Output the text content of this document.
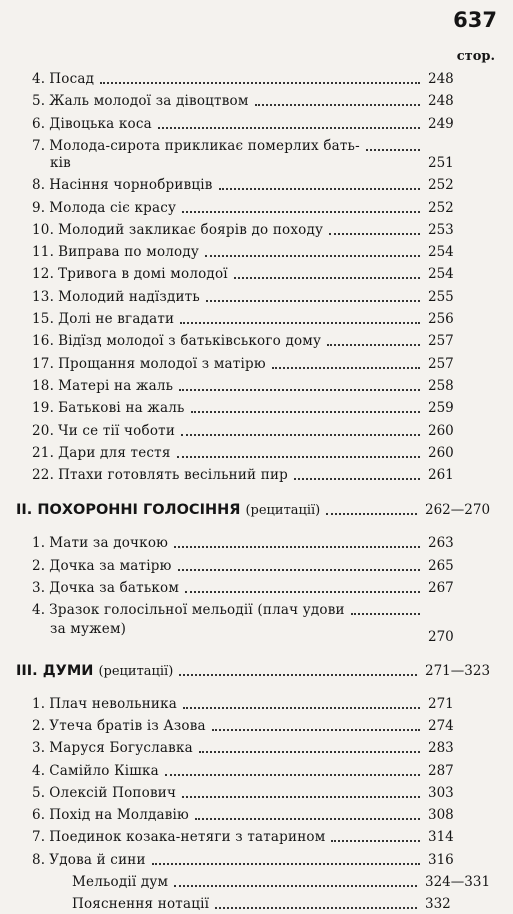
637
стор.
4. Посад	248
5. Жаль молодої за дівоцтвом	248
6. Дівоцька коса	249
7. Молода-сирота прикликає померлих бать-
ків	251
8. Насіння чорнобривців	252
9. Молода сіє красу	252
10. Молодий закликає боярів до походу	253
11. Виправа по молоду	254
12. Тривога в домі молодої	254
13. Молодий надїздить	255
15. Долі не вгадати	256
16. Відїзд молодої з батьківського дому	257
17. Прощання молодої з матірю	257
18. Матері на жаль	258
19. Батькові на жаль	259
20. Чи се тії чоботи	260
21. Дари для тестя	260
22. Птахи готовлять весільний пир	261
II. ПОХОРОННІ ГОЛОСІННЯ (рецитації)	262—270
1. Мати за дочкою	263
2. Дочка за матірю	265
3. Дочка за батьком	267
4. Зразок голосільної мельодії (плач удови
за мужем)	270
III. ДУМИ (рецитації)	271—323
1. Плач невольника	271
2. Утеча братів із Азова	274
3. Маруся Богуславка	283
4. Самійло Кішка	287
5. Олексій Попович	303
6. Похід на Молдавію	308
7. Поединок козака-нетяги з татарином	314
8. Удова й сини	316
Мельодії дум	324—331
Пояснення нотації	332
